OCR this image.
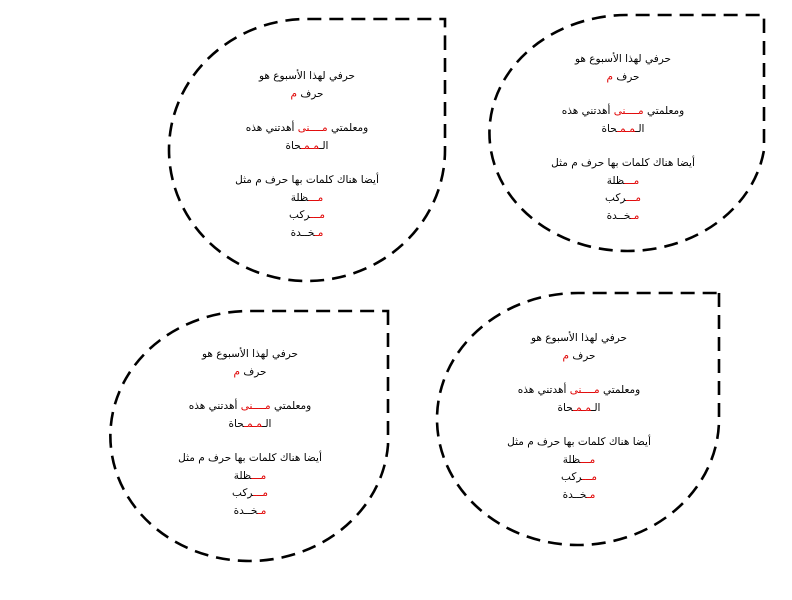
حرفي لهذا الأسبوع هو
حرف م
ومعلمتي مــــنى أهدتني هذه
الـمـمـحاة
أيضا هناك كلمات بها حرف م مثل
مـــظلة
مـــركب
مـخــدة
حرفي لهذا الأسبوع هو
حرف م
ومعلمتي مــــنى أهدتني هذه
الـمـمـحاة
أيضا هناك كلمات بها حرف م مثل
مـــظلة
مـــركب
مـخــدة
حرفي لهذا الأسبوع هو
حرف م
ومعلمتي مــــنى أهدتني هذه
الـمـمـحاة
أيضا هناك كلمات بها حرف م مثل
مـــظلة
مـــركب
مـخــدة
حرفي لهذا الأسبوع هو
حرف م
ومعلمتي مــــنى أهدتني هذه
الـمـمـحاة
أيضا هناك كلمات بها حرف م مثل
مـــظلة
مـــركب
مـخــدة
